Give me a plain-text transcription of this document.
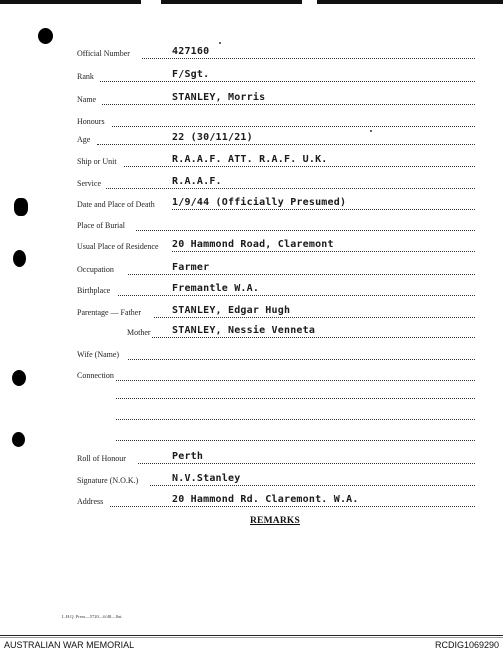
Official Number	427160
Rank	F/Sgt.
Name	STANLEY, Morris
Honours
Age	22 (30/11/21)
Ship or Unit	R.A.A.F. ATT. R.A.F. U.K.
Service	R.A.A.F.
Date and Place of Death 1/9/44 (Officially Presumed)
Place of Burial
Usual Place of Residence 20 Hammond Road, Claremont
Occupation	Farmer
Birthplace	Fremantle W.A.
Parentage — Father	STANLEY, Edgar Hugh
Mother STANLEY, Nessie Venneta
Wife (Name)
Connection
Roll of Honour	Perth
Signature (N.O.K.)	N.V.Stanley
Address	20 Hammond Rd. Claremont. W.A.
REMARKS
L.H.Q. Press—5720—6/48—8at.
AUSTRALIAN WAR MEMORIAL	RCDIG1069290
